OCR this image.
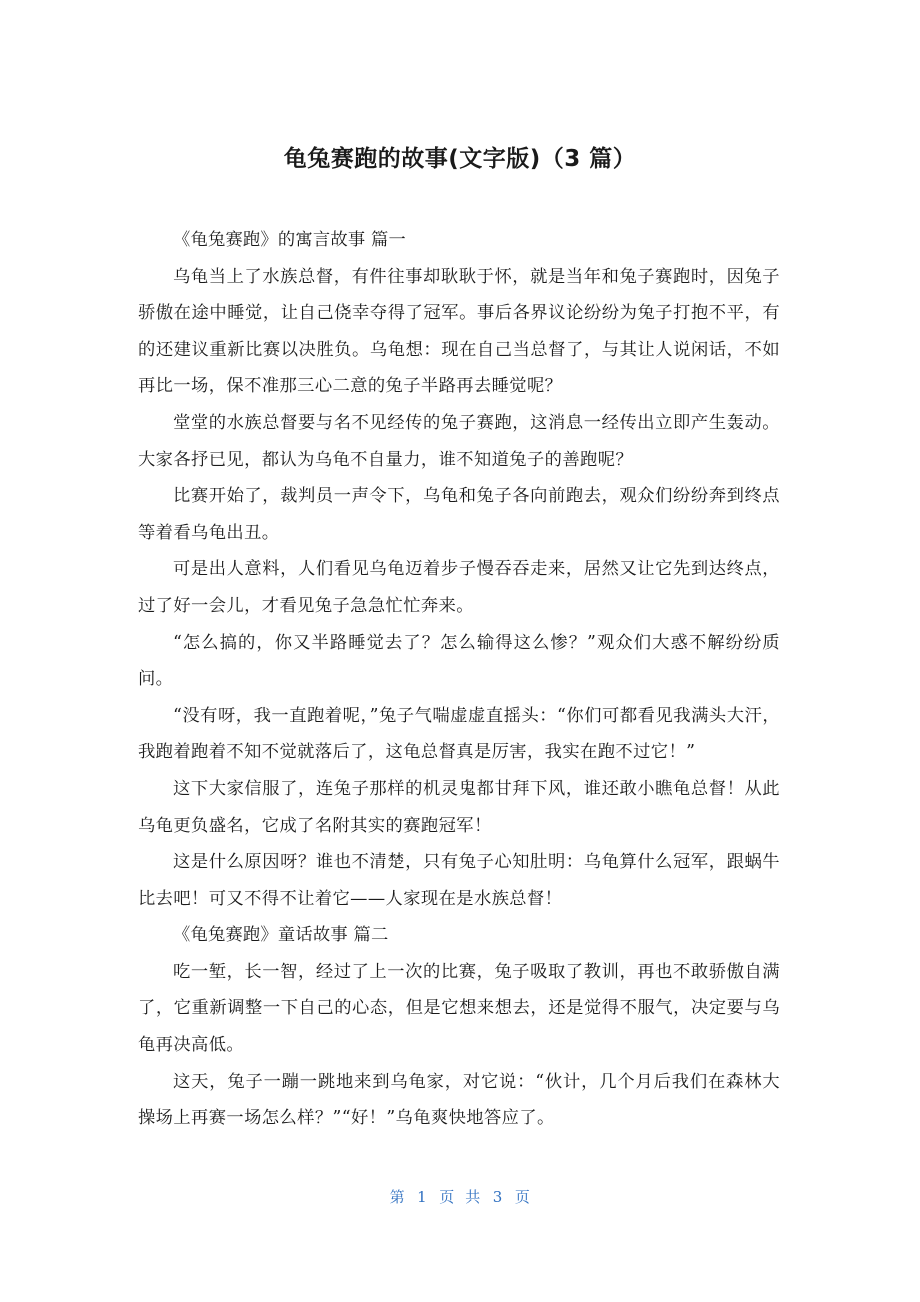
龟兔赛跑的故事(文字版)（3 篇）

《龟兔赛跑》的寓言故事 篇一

乌龟当上了水族总督，有件往事却耿耿于怀，就是当年和兔子赛跑时，因兔子骄傲在途中睡觉，让自己侥幸夺得了冠军。事后各界议论纷纷为兔子打抱不平，有的还建议重新比赛以决胜负。乌龟想：现在自己当总督了，与其让人说闲话，不如再比一场，保不准那三心二意的兔子半路再去睡觉呢？

堂堂的水族总督要与名不见经传的兔子赛跑，这消息一经传出立即产生轰动。大家各抒已见，都认为乌龟不自量力，谁不知道兔子的善跑呢？

比赛开始了，裁判员一声令下，乌龟和兔子各向前跑去，观众们纷纷奔到终点等着看乌龟出丑。

可是出人意料，人们看见乌龟迈着步子慢吞吞走来，居然又让它先到达终点，过了好一会儿，才看见兔子急急忙忙奔来。

“怎么搞的，你又半路睡觉去了？怎么输得这么惨？”观众们大惑不解纷纷质问。

“没有呀，我一直跑着呢，”兔子气喘虚虚直摇头：“你们可都看见我满头大汗，我跑着跑着不知不觉就落后了，这龟总督真是厉害，我实在跑不过它！”

这下大家信服了，连兔子那样的机灵鬼都甘拜下风，谁还敢小瞧龟总督！从此乌龟更负盛名，它成了名附其实的赛跑冠军！

这是什么原因呀？谁也不清楚，只有兔子心知肚明：乌龟算什么冠军，跟蜗牛比去吧！可又不得不让着它——人家现在是水族总督！

《龟兔赛跑》童话故事 篇二

吃一堑，长一智，经过了上一次的比赛，兔子吸取了教训，再也不敢骄傲自满了，它重新调整一下自己的心态，但是它想来想去，还是觉得不服气，决定要与乌龟再决高低。

这天，兔子一蹦一跳地来到乌龟家，对它说：“伙计，几个月后我们在森林大操场上再赛一场怎么样？”“好！”乌龟爽快地答应了。

第 1 页  共 3 页
